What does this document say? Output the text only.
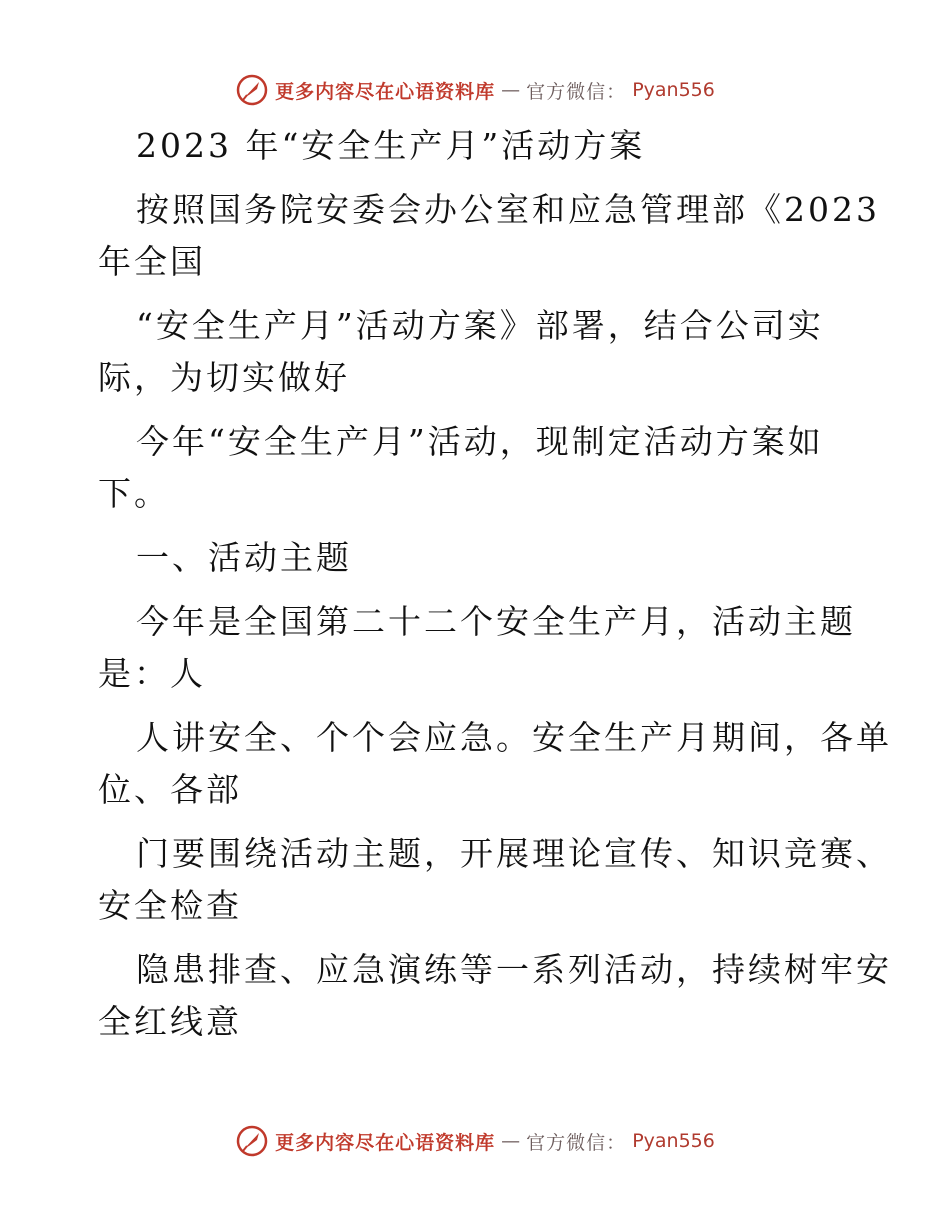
更多内容尽在心语资料库 — 官方微信： Pyan556
2023 年“安全生产月”活动方案
按照国务院安委会办公室和应急管理部《2023
年全国
“安全生产月”活动方案》部署，结合公司实
际，为切实做好
今年“安全生产月”活动，现制定活动方案如
下。
一、活动主题
今年是全国第二十二个安全生产月，活动主题
是：人
人讲安全、个个会应急。安全生产月期间，各单
位、各部
门要围绕活动主题，开展理论宣传、知识竞赛、
安全检查
隐患排查、应急演练等一系列活动，持续树牢安
全红线意
更多内容尽在心语资料库 — 官方微信： Pyan556
